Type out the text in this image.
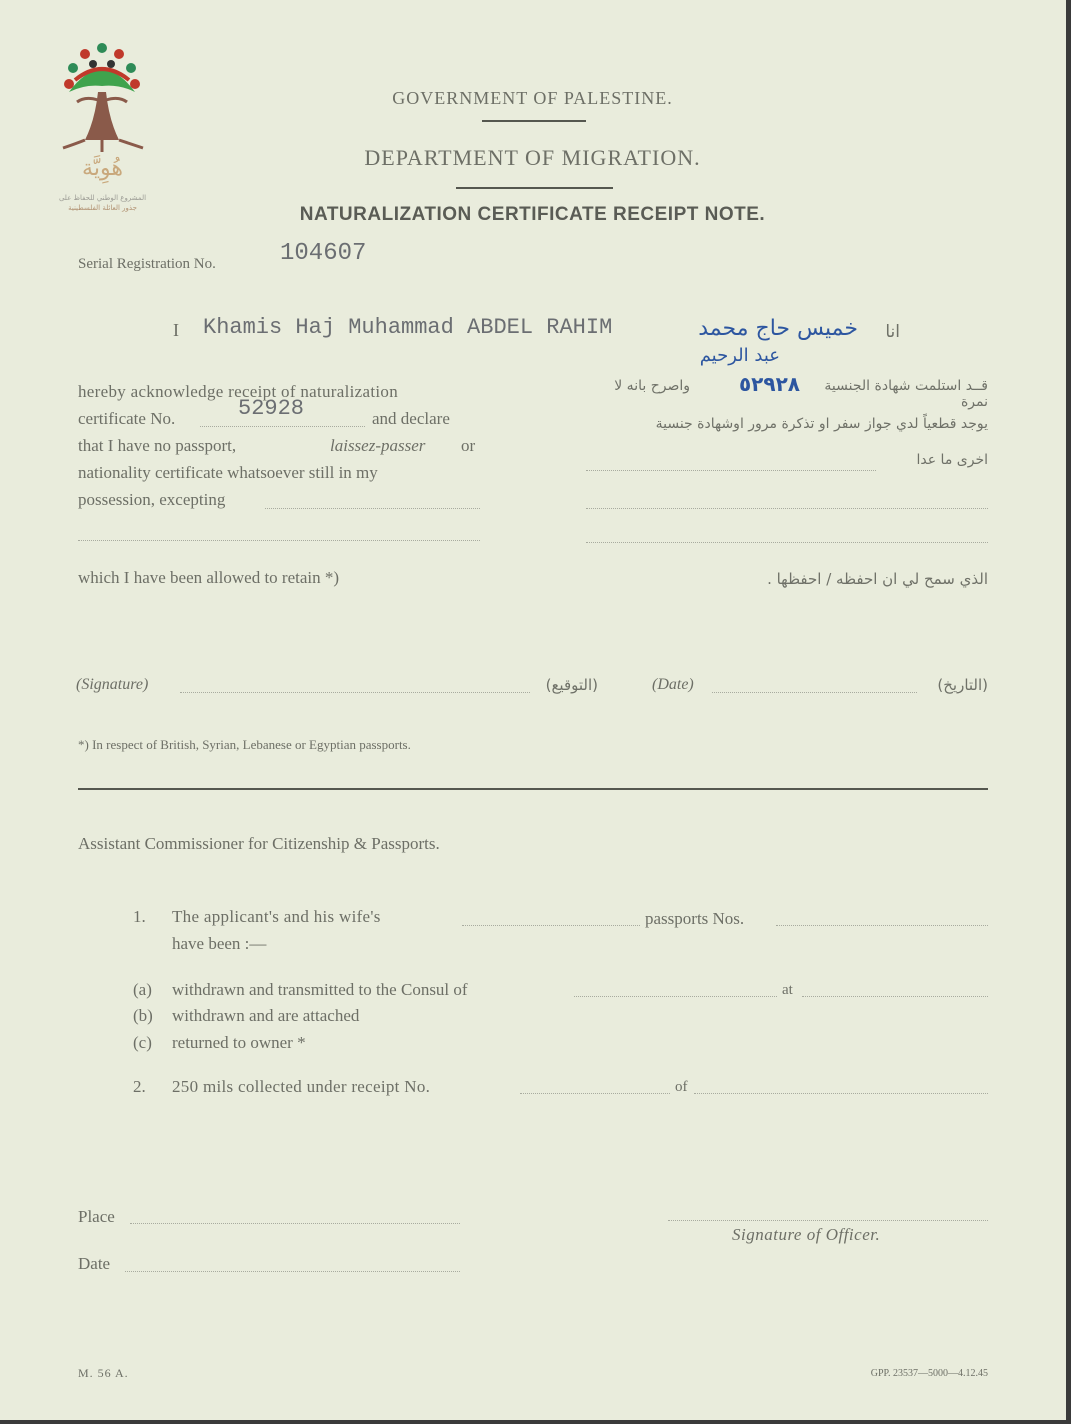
هُوِيَّة
المشروع الوطني للحفاظ على
جذور العائلة الفلسطينية
GOVERNMENT OF PALESTINE.
DEPARTMENT OF MIGRATION.
NATURALIZATION CERTIFICATE RECEIPT NOTE.
Serial Registration No.	104607
I Khamis Haj Muhammad ABDEL RAHIM	خميس حاج محمد
عبد الرحيم
انا
hereby acknowledge receipt of naturalization
certificate No.	52928	and declare
that I have no passport,	laissez-passer or
nationality certificate whatsoever still in my
possession, excepting
which I have been allowed to retain *)
قــد استلمت شهادة الجنسية نمرة
٥٢٩٢٨
واصرح بانه لا
يوجد قطعياً لدي جواز سفر او تذكرة مرور اوشهادة جنسية
اخرى ما عدا
الذي سمح لي ان احفظه / احفظها .
(Signature)	(التوقيع)	(Date)	(التاريخ)
*) In respect of British, Syrian, Lebanese or Egyptian passports.
Assistant Commissioner for Citizenship & Passports.
1. The applicant's and his wife's	passports Nos.
have been :—
(a) withdrawn and transmitted to the Consul of	at
(b) withdrawn and are attached
(c) returned to owner *
2. 250 mils collected under receipt No.	of
Place
Signature of Officer.
Date
M. 56 A.	GPP. 23537—5000—4.12.45
